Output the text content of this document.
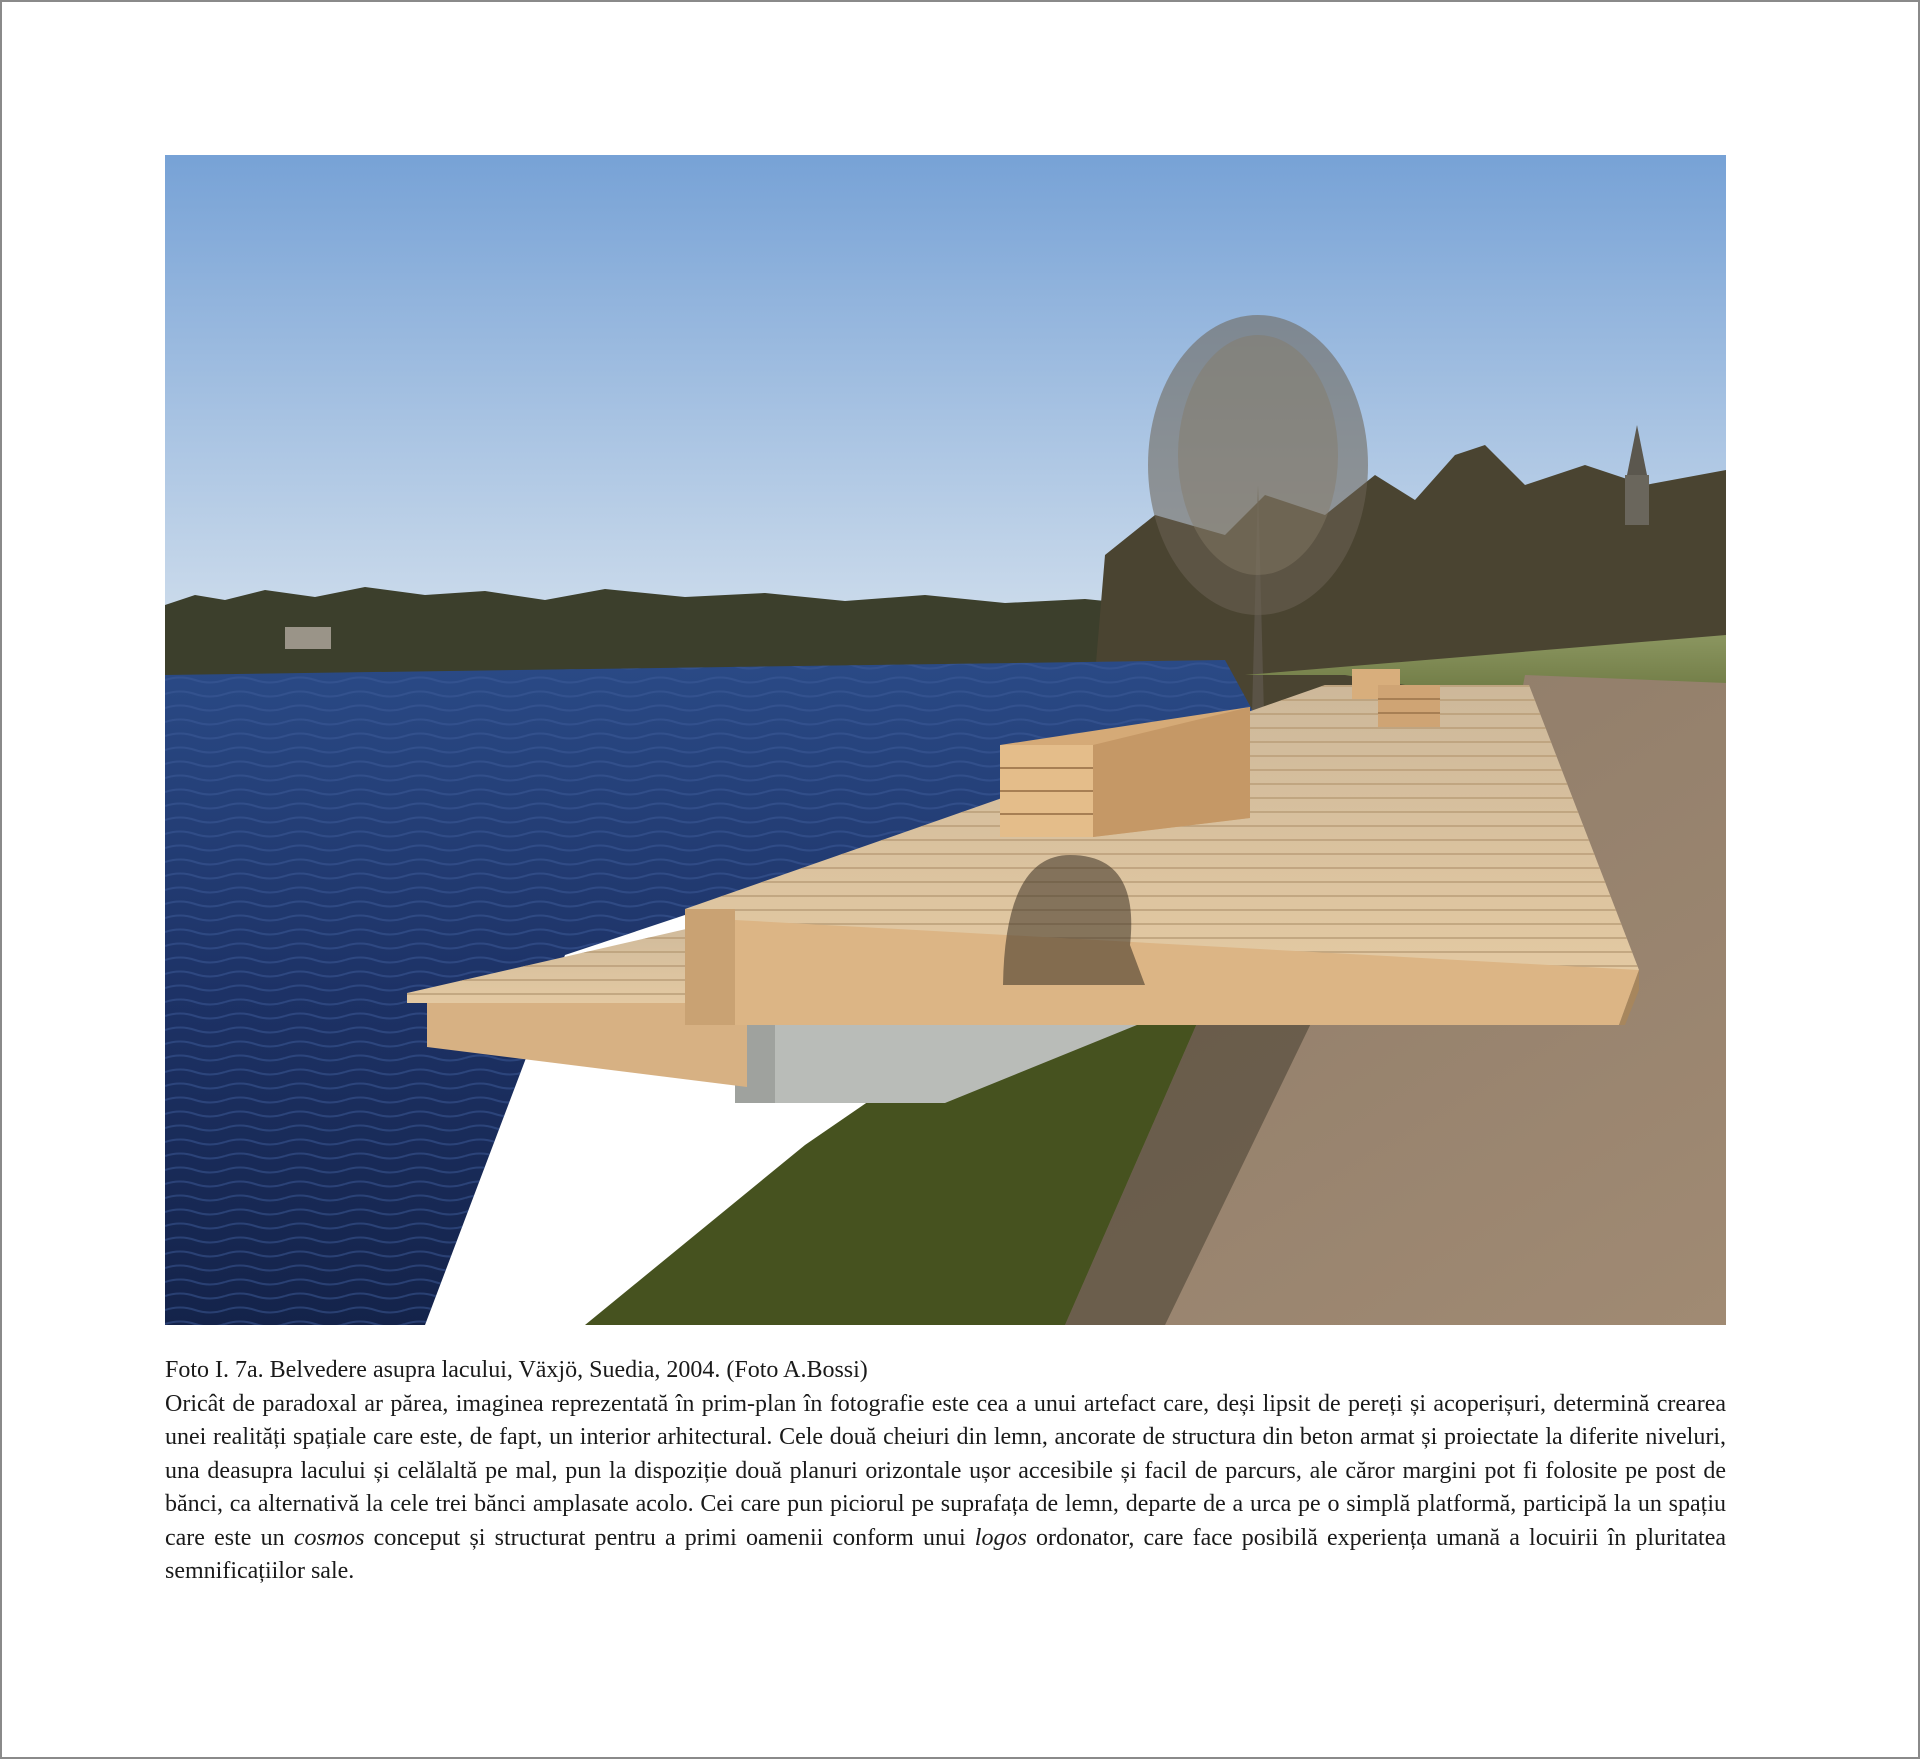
Foto I. 7a. Belvedere asupra lacului, Växjö, Suedia, 2004. (Foto A.Bossi)

Oricât de paradoxal ar părea, imaginea reprezentată în prim-plan în fotografie este cea a unui artefact care, deși lipsit de pereți și acoperișuri, determină crearea unei realități spațiale care este, de fapt, un interior arhitectural. Cele două cheiuri din lemn, ancorate de structura din beton armat și proiectate la diferite niveluri, una deasupra lacului și celălaltă pe mal, pun la dispoziție două planuri orizontale ușor accesibile și facil de parcurs, ale căror margini pot fi folosite pe post de bănci, ca alternativă la cele trei bănci amplasate acolo. Cei care pun piciorul pe suprafața de lemn, departe de a urca pe o simplă platformă, participă la un spațiu care este un cosmos conceput și structurat pentru a primi oamenii conform unui logos ordonator, care face posibilă experiența umană a locuirii în pluritatea semnificațiilor sale.
